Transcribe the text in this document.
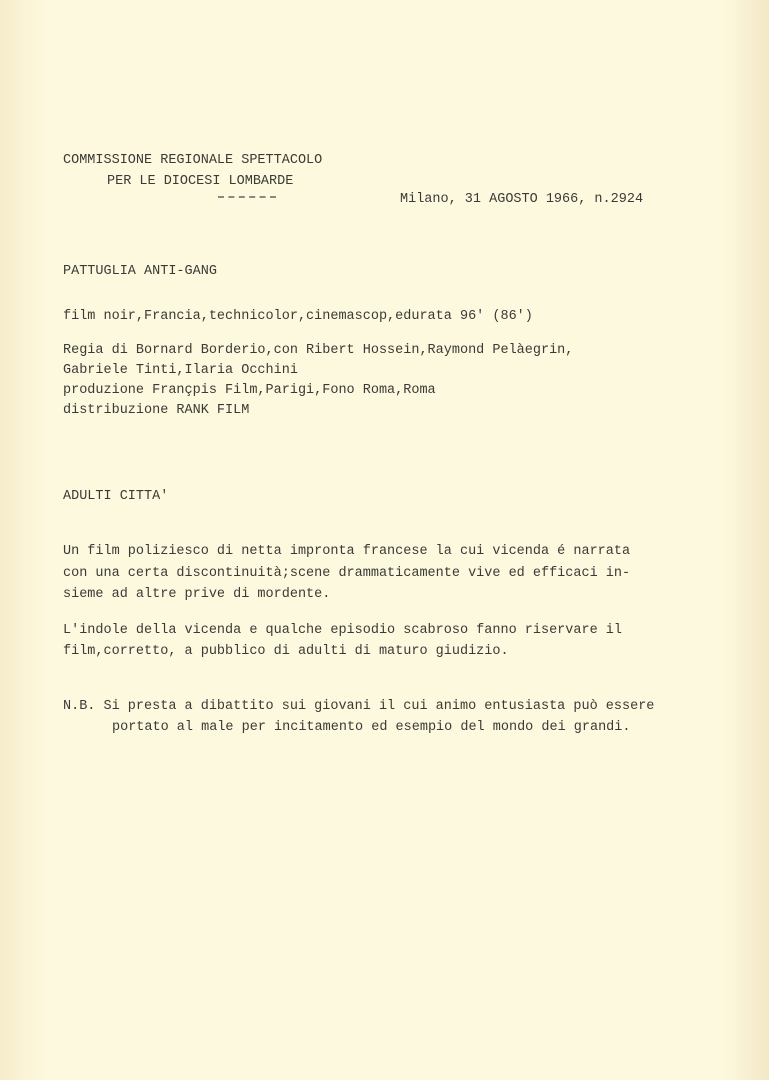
COMMISSIONE REGIONALE SPETTACOLO
PER LE DIOCESI LOMBARDE
Milano, 31 AGOSTO 1966, n.2924
PATTUGLIA ANTI-GANG
film noir,Francia,technicolor,cinemascop,edurata 96' (86')
Regia di Bornard Borderio,con Ribert Hossein,Raymond Pelàegrin,
Gabriele Tinti,Ilaria Occhini
produzione Françpis Film,Parigi,Fono Roma,Roma
distribuzione RANK FILM
ADULTI CITTA'
Un film poliziesco di netta impronta francese la cui vicenda é narrata
con una certa discontinuità;scene drammaticamente vive ed efficaci in-
sieme ad altre prive di mordente.
L'indole della vicenda e qualche episodio scabroso fanno riservare il
film,corretto, a pubblico di adulti di maturo giudizio.
N.B. Si presta a dibattito sui giovani il cui animo entusiasta può essere
portato al male per incitamento ed esempio del mondo dei grandi.
